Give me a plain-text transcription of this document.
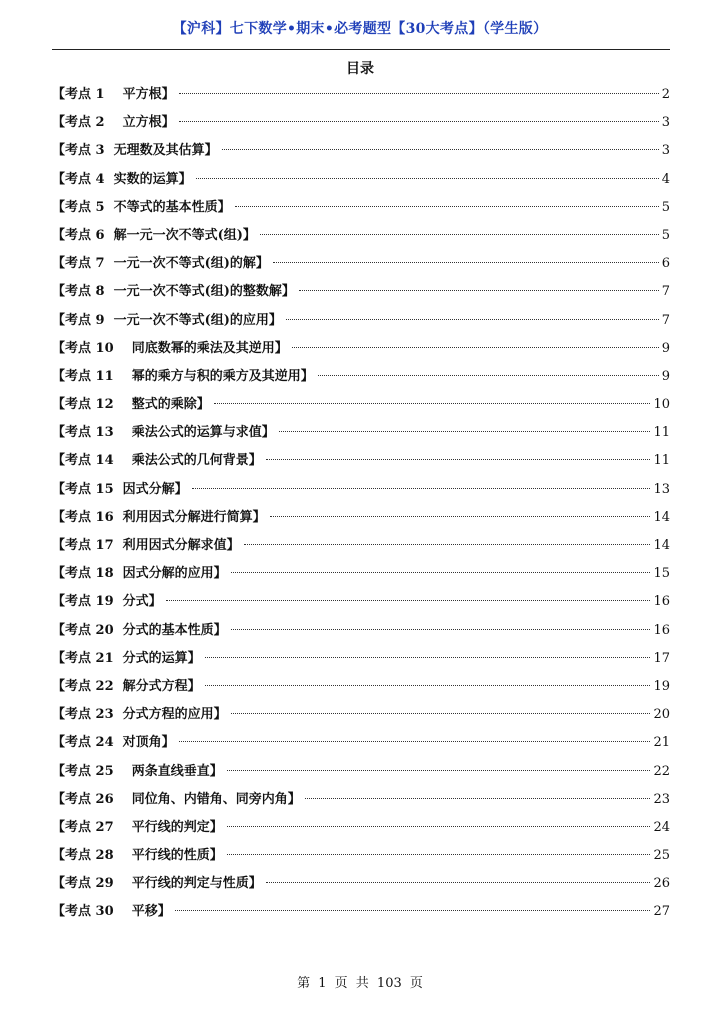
【沪科】七下数学•期末•必考题型【30大考点】（学生版）
目录
【考点 1    平方根】	2
【考点 2    立方根】	3
【考点 3  无理数及其估算】	3
【考点 4  实数的运算】	4
【考点 5  不等式的基本性质】	5
【考点 6  解一元一次不等式(组)】	5
【考点 7  一元一次不等式(组)的解】	6
【考点 8  一元一次不等式(组)的整数解】	7
【考点 9  一元一次不等式(组)的应用】	7
【考点 10    同底数幂的乘法及其逆用】	9
【考点 11    幂的乘方与积的乘方及其逆用】	9
【考点 12    整式的乘除】	10
【考点 13    乘法公式的运算与求值】	11
【考点 14    乘法公式的几何背景】	11
【考点 15  因式分解】	13
【考点 16  利用因式分解进行简算】	14
【考点 17  利用因式分解求值】	14
【考点 18  因式分解的应用】	15
【考点 19  分式】	16
【考点 20  分式的基本性质】	16
【考点 21  分式的运算】	17
【考点 22  解分式方程】	19
【考点 23  分式方程的应用】	20
【考点 24  对顶角】	21
【考点 25    两条直线垂直】	22
【考点 26    同位角、内错角、同旁内角】	23
【考点 27    平行线的判定】	24
【考点 28    平行线的性质】	25
【考点 29    平行线的判定与性质】	26
【考点 30    平移】	27
第 1 页 共 103 页
